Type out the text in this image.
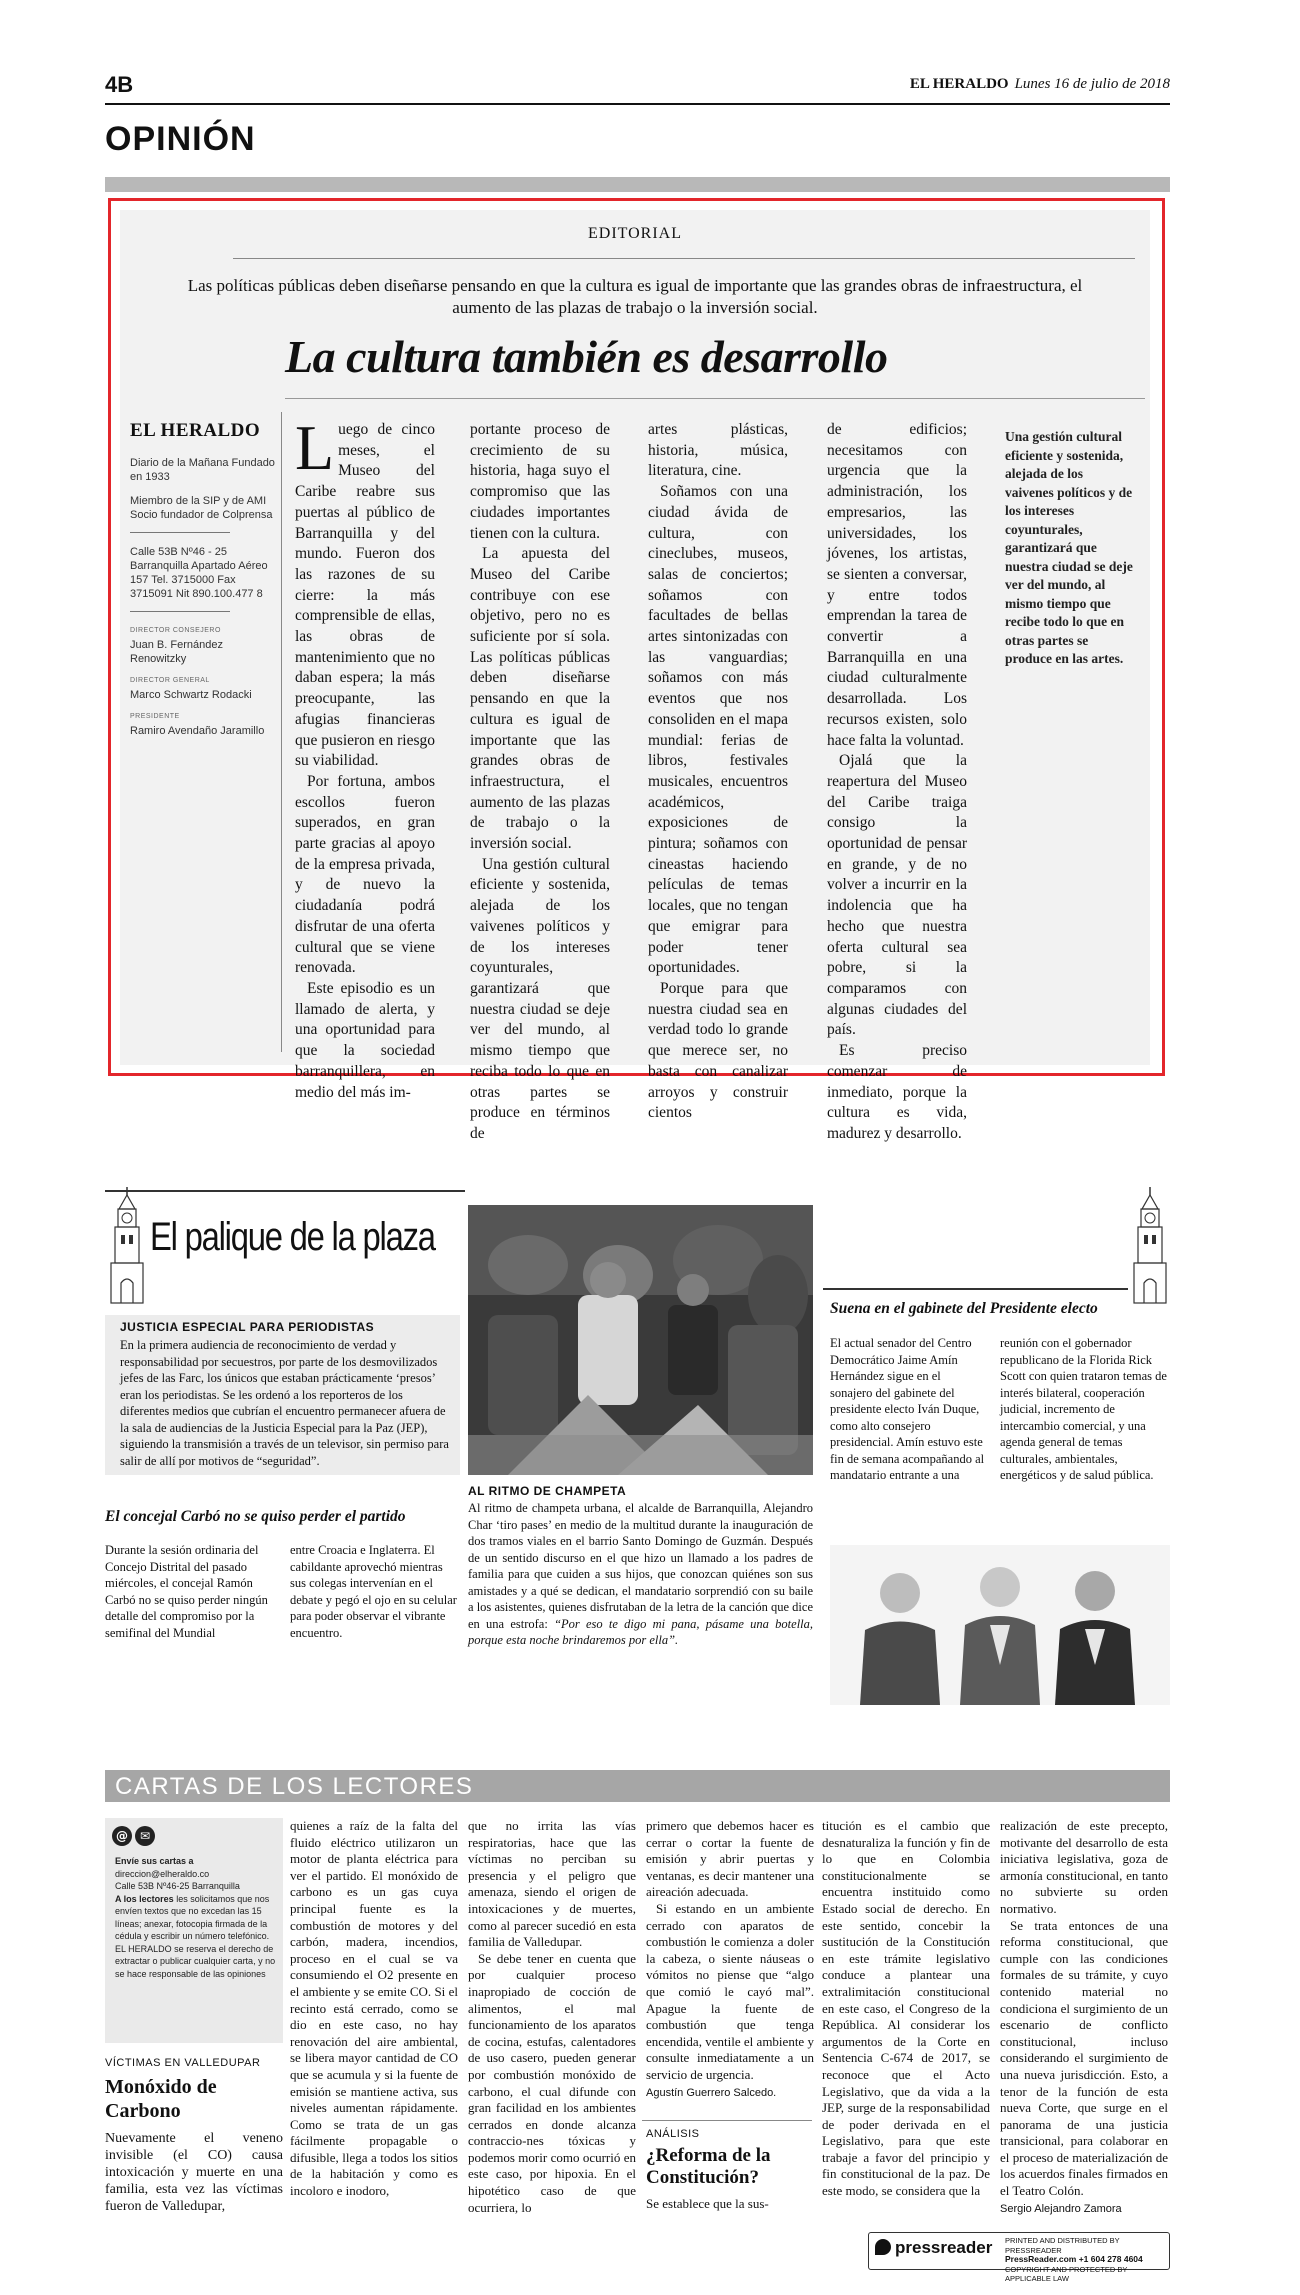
4B	EL HERALDO Lunes 16 de julio de 2018
OPINIÓN
EDITORIAL
Las políticas públicas deben diseñarse pensando en que la cultura es igual de importante que las grandes obras de infraestructura, el aumento de las plazas de trabajo o la inversión social.
La cultura también es desarrollo
EL HERALDO

Diario de la Mañana Fundado en 1933

Miembro de la SIP y de AMI Socio fundador de Colprensa

Calle 53B Nº46 - 25 Barranquilla Apartado Aéreo 157 Tel. 3715000 Fax 3715091 Nit 890.100.477 8

DIRECTOR CONSEJERO
Juan B. Fernández Renowitzky
DIRECTOR GENERAL
Marco Schwartz Rodacki
PRESIDENTE
Ramiro Avendaño Jaramillo

Luego de cinco meses, el Museo del Caribe reabre sus puertas al público de Barranquilla y del mundo. Fueron dos las razones de su cierre: la más comprensible de ellas, las obras de mantenimiento que no daban espera; la más preocupante, las afugias financieras que pusieron en riesgo su viabilidad.

Por fortuna, ambos escollos fueron superados, en gran parte gracias al apoyo de la empresa privada, y de nuevo la ciudadanía podrá disfrutar de una oferta cultural que se viene renovada.

Este episodio es un llamado de alerta, y una oportunidad para que la sociedad barranquillera, en medio del más im-

portante proceso de crecimiento de su historia, haga suyo el compromiso que las ciudades importantes tienen con la cultura.

La apuesta del Museo del Caribe contribuye con ese objetivo, pero no es suficiente por sí sola. Las políticas públicas deben diseñarse pensando en que la cultura es igual de importante que las grandes obras de infraestructura, el aumento de las plazas de trabajo o la inversión social.

Una gestión cultural eficiente y sostenida, alejada de los vaivenes políticos y de los intereses coyunturales, garantizará que nuestra ciudad se deje ver del mundo, al mismo tiempo que reciba todo lo que en otras partes se produce en términos de

artes plásticas, historia, música, literatura, cine.

Soñamos con una ciudad ávida de cultura, con cineclubes, museos, salas de conciertos; soñamos con facultades de bellas artes sintonizadas con las vanguardias; soñamos con más eventos que nos consoliden en el mapa mundial: ferias de libros, festivales musicales, encuentros académicos, exposiciones de pintura; soñamos con cineastas haciendo películas de temas locales, que no tengan que emigrar para poder tener oportunidades.

Porque para que nuestra ciudad sea en verdad todo lo grande que merece ser, no basta con canalizar arroyos y construir cientos

de edificios; necesitamos con urgencia que la administración, los empresarios, las universidades, los jóvenes, los artistas, se sienten a conversar, y entre todos emprendan la tarea de convertir a Barranquilla en una ciudad culturalmente desarrollada. Los recursos existen, solo hace falta la voluntad.

Ojalá que la reapertura del Museo del Caribe traiga consigo la oportunidad de pensar en grande, y de no volver a incurrir en la indolencia que ha hecho que nuestra oferta cultural sea pobre, si la comparamos con algunas ciudades del país.

Es preciso comenzar de inmediato, porque la cultura es vida, madurez y desarrollo.

Una gestión cultural eficiente y sostenida, alejada de los vaivenes políticos y de los intereses coyunturales, garantizará que nuestra ciudad se deje ver del mundo, al mismo tiempo que recibe todo lo que en otras partes se produce en las artes.
El palique de la plaza
JUSTICIA ESPECIAL PARA PERIODISTAS
En la primera audiencia de reconocimiento de verdad y responsabilidad por secuestros, por parte de los desmovilizados jefes de las Farc, los únicos que estaban prácticamente ‘presos’ eran los periodistas. Se les ordenó a los reporteros de los diferentes medios que cubrían el encuentro permanecer afuera de la sala de audiencias de la Justicia Especial para la Paz (JEP), siguiendo la transmisión a través de un televisor, sin permiso para salir de allí por motivos de “seguridad”.
AL RITMO DE CHAMPETA
Al ritmo de champeta urbana, el alcalde de Barranquilla, Alejandro Char ‘tiro pases’ en medio de la multitud durante la inauguración de dos tramos viales en el barrio Santo Domingo de Guzmán. Después de un sentido discurso en el que hizo un llamado a los padres de familia para que cuiden a sus hijos, que conozcan quiénes son sus amistades y a qué se dedican, el mandatario sorprendió con su baile a los asistentes, quienes disfrutaban de la letra de la canción que dice en una estrofa: “Por eso te digo mi pana, pásame una botella, porque esta noche brindaremos por ella”.
El concejal Carbó no se quiso perder el partido
Durante la sesión ordinaria del Concejo Distrital del pasado miércoles, el concejal Ramón Carbó no se quiso perder ningún detalle del compromiso por la semifinal del Mundial
entre Croacia e Inglaterra. El cabildante aprovechó mientras sus colegas intervenían en el debate y pegó el ojo en su celular para poder observar el vibrante encuentro.
Suena en el gabinete del Presidente electo
El actual senador del Centro Democrático Jaime Amín Hernández sigue en el sonajero del gabinete del presidente electo Iván Duque, como alto consejero presidencial. Amín estuvo este fin de semana acompañando al mandatario entrante a una
reunión con el gobernador republicano de la Florida Rick Scott con quien trataron temas de interés bilateral, cooperación judicial, incremento de intercambio comercial, y una agenda general de temas culturales, ambientales, energéticos y de salud pública.
CARTAS DE LOS LECTORES
@ ✉
Envíe sus cartas a
direccion@elheraldo.co
Calle 53B Nº46-25 Barranquilla
A los lectores les solicitamos que nos envíen textos que no excedan las 15 líneas; anexar, fotocopia firmada de la cédula y escribir un número telefónico. EL HERALDO se reserva el derecho de extractar o publicar cualquier carta, y no se hace responsable de las opiniones
VÍCTIMAS EN VALLEDUPAR
Monóxido de Carbono
Nuevamente el veneno invisible (el CO) causa intoxicación y muerte en una familia, esta vez las víctimas fueron de Valledupar,

quienes a raíz de la falta del fluido eléctrico utilizaron un motor de planta eléctrica para ver el partido. El monóxido de carbono es un gas cuya principal fuente es la combustión de motores y del carbón, madera, incendios, proceso en el cual se va consumiendo el O2 presente en el ambiente y se emite CO. Si el recinto está cerrado, como se dio en este caso, no hay renovación del aire ambiental, se libera mayor cantidad de CO que se acumula y si la fuente de emisión se mantiene activa, sus niveles aumentan rápidamente. Como se trata de un gas fácilmente propagable o difusible, llega a todos los sitios de la habitación y como es incoloro e inodoro,

que no irrita las vías respiratorias, hace que las víctimas no perciban su presencia y el peligro que amenaza, siendo el origen de intoxicaciones y de muertes, como al parecer sucedió en esta familia de Valledupar.

Se debe tener en cuenta que por cualquier proceso inapropiado de cocción de alimentos, el mal funcionamiento de los aparatos de cocina, estufas, calentadores de uso casero, pueden generar por combustión monóxido de carbono, el cual difunde con gran facilidad en los ambientes cerrados en donde alcanza contraccio-nes tóxicas y podemos morir como ocurrió en este caso, por hipoxia. En el hipotético caso de que ocurriera, lo

primero que debemos hacer es cerrar o cortar la fuente de emisión y abrir puertas y ventanas, es decir mantener una aireación adecuada.

Si estando en un ambiente cerrado con aparatos de combustión le comienza a doler la cabeza, o siente náuseas o vómitos no piense que “algo que comió le cayó mal”. Apague la fuente de combustión que tenga encendida, ventile el ambiente y consulte inmediatamente a un servicio de urgencia.

Agustín Guerrero Salcedo.
ANÁLISIS
¿Reforma de la Constitución?
Se establece que la sus-

titución es el cambio que desnaturaliza la función y fin de lo que en Colombia constitucionalmente se encuentra instituido como Estado social de derecho. En este sentido, concebir la sustitución de la Constitución en este trámite legislativo conduce a plantear una extralimitación constitucional en este caso, el Congreso de la República. Al considerar los argumentos de la Corte en Sentencia C-674 de 2017, se reconoce que el Acto Legislativo, que da vida a la JEP, surge de la responsabilidad de poder derivada en el Legislativo, para que este trabaje a favor del principio y fin constitucional de la paz. De este modo, se considera que la

realización de este precepto, motivante del desarrollo de esta iniciativa legislativa, goza de armonía constitucional, en tanto no subvierte su orden normativo.

Se trata entonces de una reforma constitucional, que cumple con las condiciones formales de su trámite, y cuyo contenido material no condiciona el surgimiento de un escenario de conflicto constitucional, incluso considerando el surgimiento de una nueva jurisdicción. Esto, a tenor de la función de esta nueva Corte, que surge en el panorama de una justicia transicional, para colaborar en el proceso de materialización de los acuerdos finales firmados en el Teatro Colón.

Sergio Alejandro Zamora
pressreader PRINTED AND DISTRIBUTED BY PRESSREADER
PressReader.com +1 604 278 4604
COPYRIGHT AND PROTECTED BY APPLICABLE LAW
